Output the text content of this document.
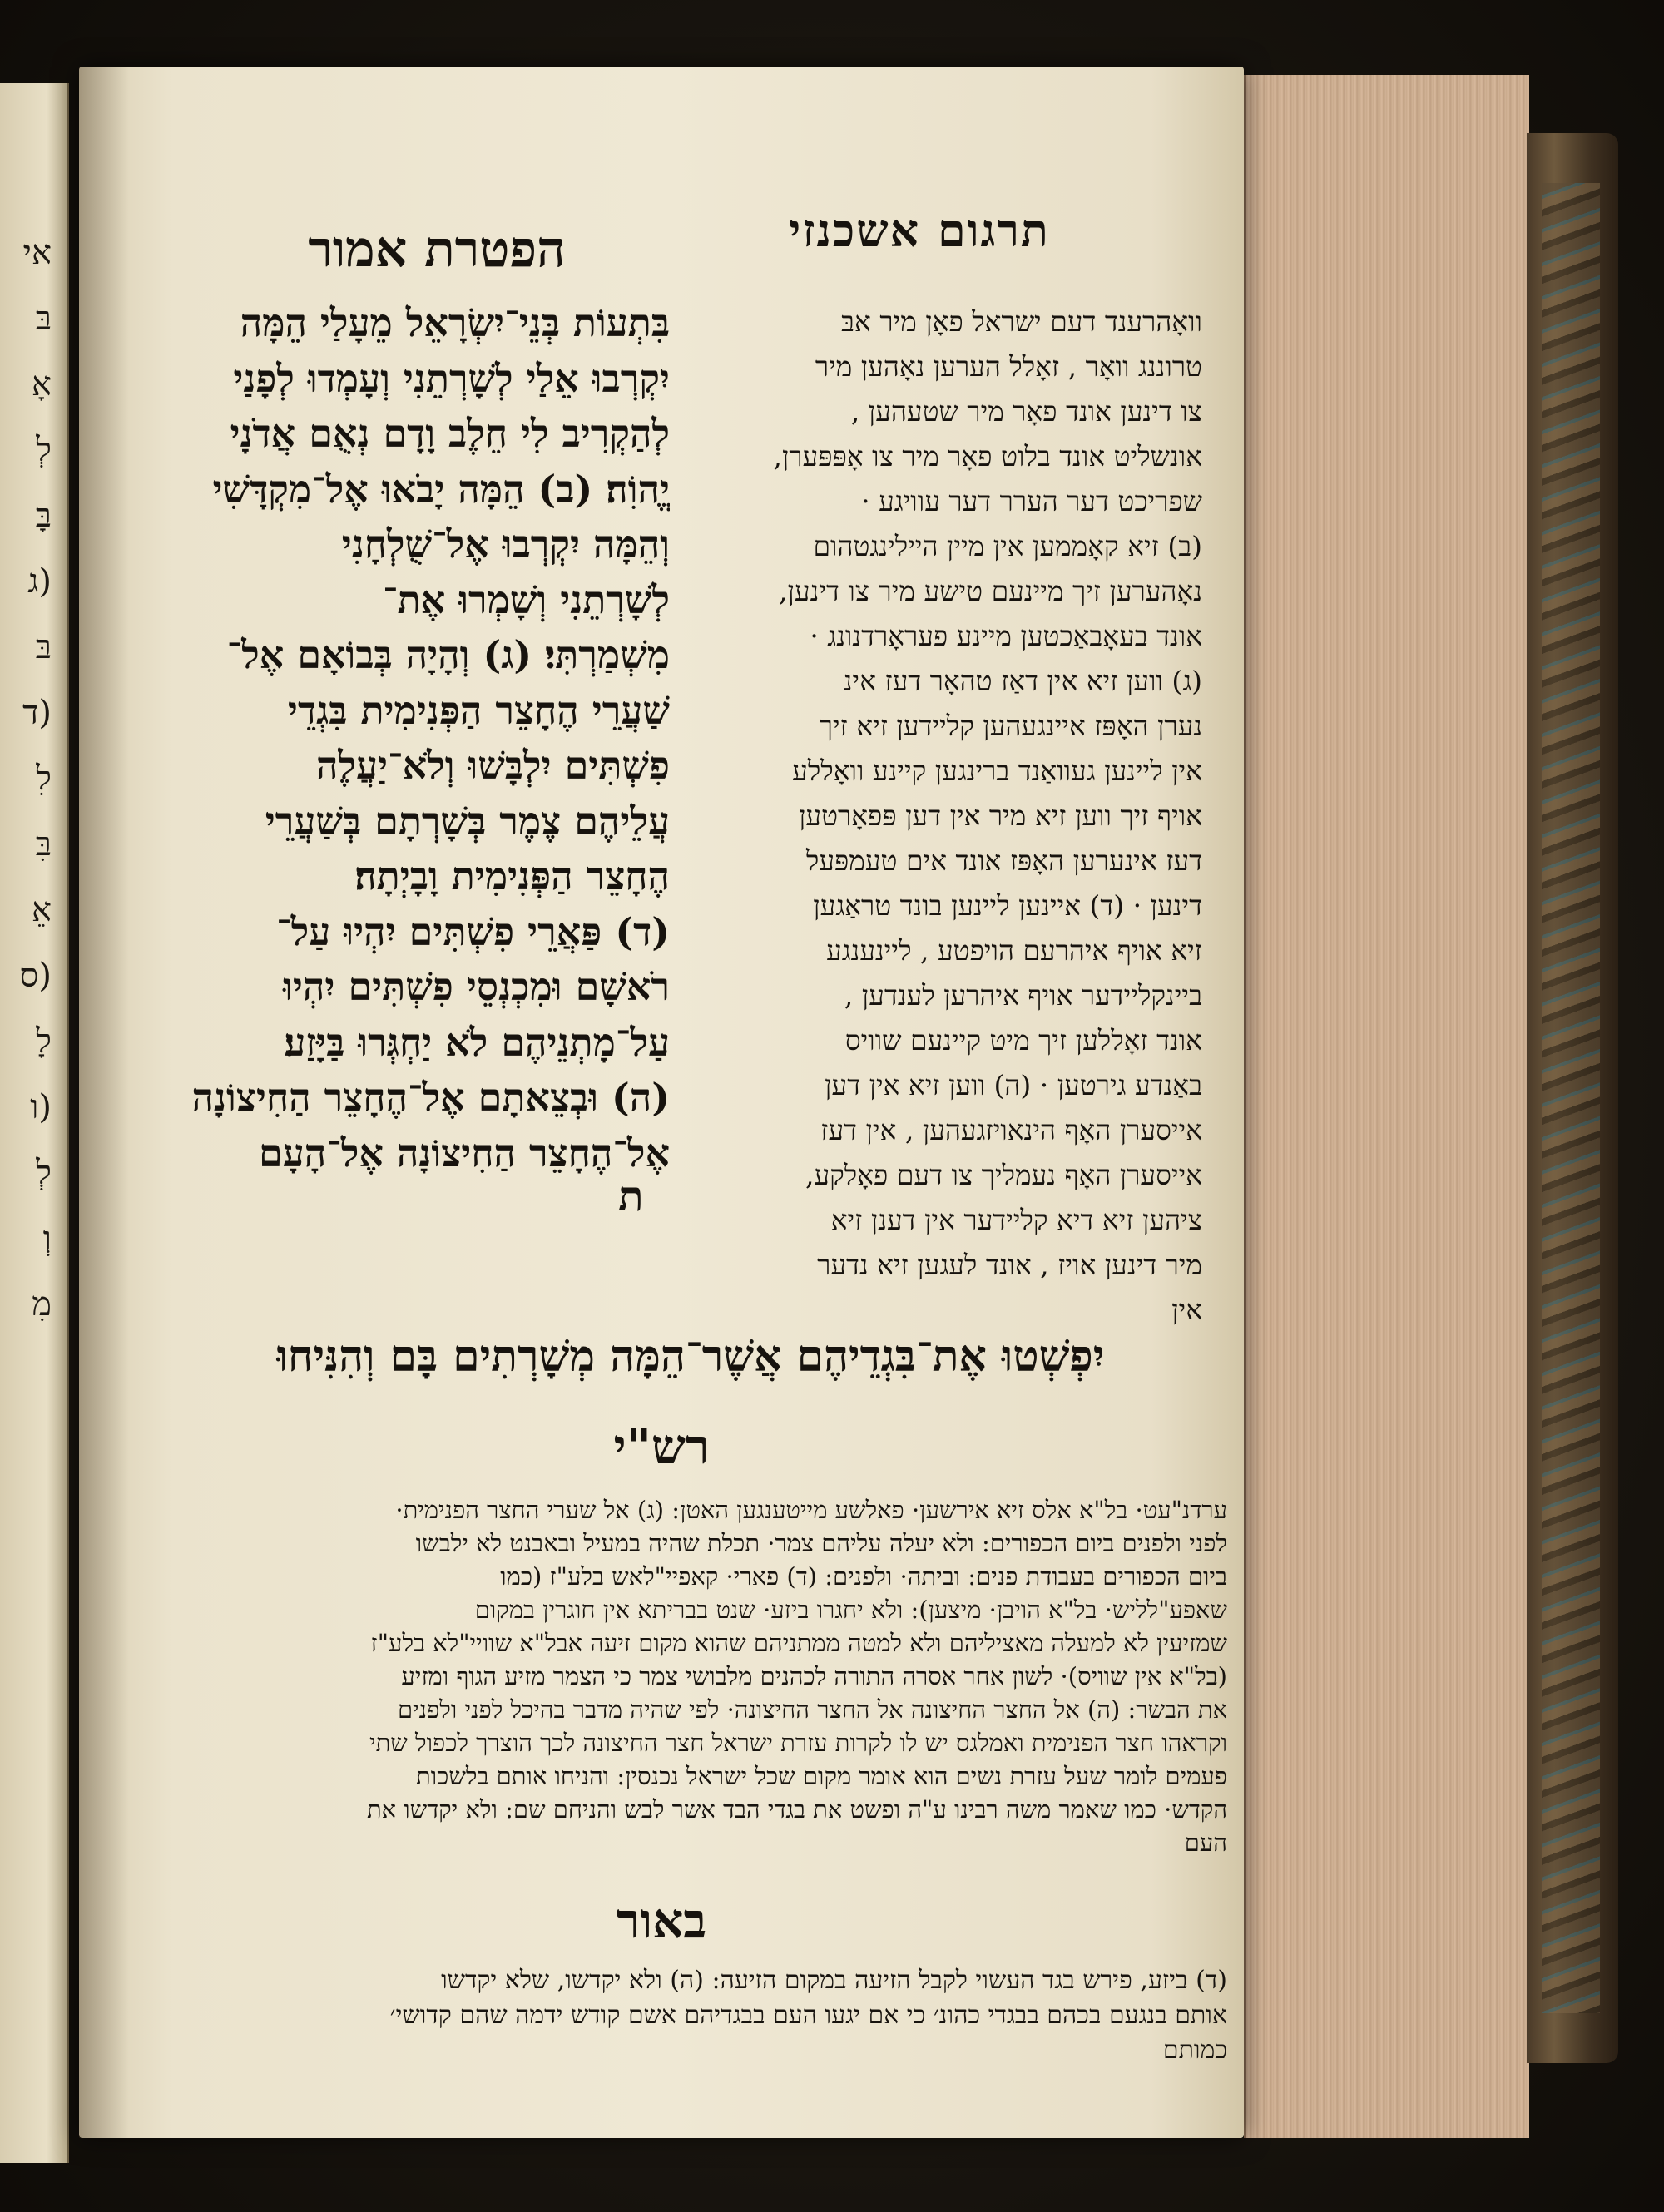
אי
בּ
אָ
לְ
בָּ
(ג
בּ
(ד
לִ
בִּ
אֵ
(ס
לָ
(ו
לְ
וְ
מִ
תרגום אשכנזי
הפטרת אמור
וואָהרענד דעם ישראל פאָן מיר אבּ
טרוננג וואָר , זאָלל הערען נאָהען מיר
צו דינען אונד פאָר מיר שטעהען ,
אונשליט אונד בלוט פאָר מיר צו אָפּפּערן,
שפריכט דער הערר דער עוויגע ·
(ב) זיא קאָממען אין מיין היילינגטהום
נאָהערען זיך מיינעם טישע מיר צו דינען,
אונד בעאָבאַכטען מיינע פעראָרדנונג ·
(ג) ווען זיא אין דאַז טהאָר דעז אינ
נערן האָפּז איינגעהען קליידען זיא זיך
אין ליינען געוואַנד ברינגען קיינע וואָללע
אויף זיך ווען זיא מיר אין דען פּפאָרטען
דעז אינערען האָפּז אונד אים טעמפּעל
דינען · (ד) איינען ליינען בונד טראַגען
זיא אויף איהרעם הויפטע , ליינענגע
ביינקליידער אויף איהרען לענדען ,
אונד זאָללען זיך מיט קיינעם שוויס
באַנדע גירטען · (ה) ווען זיא אין דען
אייסערן האָף הינאויזגעהען , אין דעז
אייסערן האָף נעמליך צו דעם פאָלקע,
ציהען זיא דיא קליידער אין דענן זיא
מיר דינען אויז , אונד לעגען זיא נדער
אין
בִּתְעוֹת בְּנֵי־יִשְׂרָאֵל מֵעָלַי הֵמָּה
יִקְרְבוּ אֵלַי לְשָׁרְתֵנִי וְעָמְדוּ לְפָנַי
לְהַקְרִיב לִי חֵלֶב וָדָם נְאֻם אֲדֹנָי
יֱהוִֹה׃ (ב) הֵמָּה יָבֹאוּ אֶל־מִקְדָּשִׁי
וְהֵמָּה יִקְרְבוּ אֶל־שֻׁלְחָנִי
לְשָׁרְתֵנִי וְשָׁמְרוּ אֶת־
מִשְׁמַרְתִּי׃ (ג) וְהָיָה בְּבוֹאָם אֶל־
שַׁעֲרֵי הֶחָצֵר הַפְּנִימִית בִּגְדֵי
פִשְׁתִּים יִלְבָּשׁוּ וְלֹא־יַעֲלֶה
עֲלֵיהֶם צֶמֶר בְּשָׁרְתָם בְּשַׁעֲרֵי
הֶחָצֵר הַפְּנִימִית וָבָיְתָה׃
(ד) פַּאֲרֵי פִשְׁתִּים יִהְיוּ עַל־
רֹאשָׁם וּמִכְנְסֵי פִשְׁתִּים יִהְיוּ
עַל־מָתְנֵיהֶם לֹא יַחְגְּרוּ בַּיָּזַע׃
(ה) וּבְצֵאתָם אֶל־הֶחָצֵר הַחִיצוֹנָה
אֶל־הֶחָצֵר הַחִיצוֹנָה אֶל־הָעָם
ת
יִפְשְׁטוּ אֶת־בִּגְדֵיהֶם אֲשֶׁר־הֵמָּה מְשָׁרְתִים בָּם וְהִנִּיחוּ
רש"י
ערדנ"עט· בל"א אלס זיא אירשען· פאלשע מייטענגען האטן: (ג) אל שערי החצר הפנימית·
לפני ולפנים ביום הכפורים: ולא יעלה עליהם צמר· תכלת שהיה במעיל ובאבנט לא ילבשו
ביום הכפורים בעבודת פנים: וביתה· ולפנים: (ד) פארי· קאפיי"לאש בלע"ז (כמו
שאפע"לליש· בל"א הויבן· מיצען): ולא יחגרו ביזע· שנט בבריתא אין חוגרין במקום
שמזיעין לא למעלה מאציליהם ולא למטה ממתניהם שהוא מקום זיעה אבל"א שוויי"לא בלע"ז
(בל"א אין שוויס)· לשון אחר אסרה התורה לכהנים מלבושי צמר כי הצמר מזיע הגוף ומזיע
את הבשר: (ה) אל החצר החיצונה אל החצר החיצונה· לפי שהיה מדבר בהיכל לפני ולפנים
וקראהו חצר הפנימית ואמלגס יש לו לקרות עזרת ישראל חצר החיצונה לכך הוצרך לכפול שתי
פעמים לומר שעל עזרת נשים הוא אומר מקום שכל ישראל נכנסין: והניחו אותם בלשכות
הקדש· כמו שאמר משה רבינו ע"ה ופשט את בגדי הבד אשר לבש והניחם שם: ולא יקדשו את
העם
באור
(ד) ביזע, פירש בגד העשוי לקבל הזיעה במקום הזיעה: (ה) ולא יקדשו, שלא יקדשו
אותם בנגעם בכהם בבגדי כהונ׳ כי אם יגעו העם בבגדיהם אשם קודש ידמה שהם קדושי׳
כמותם
